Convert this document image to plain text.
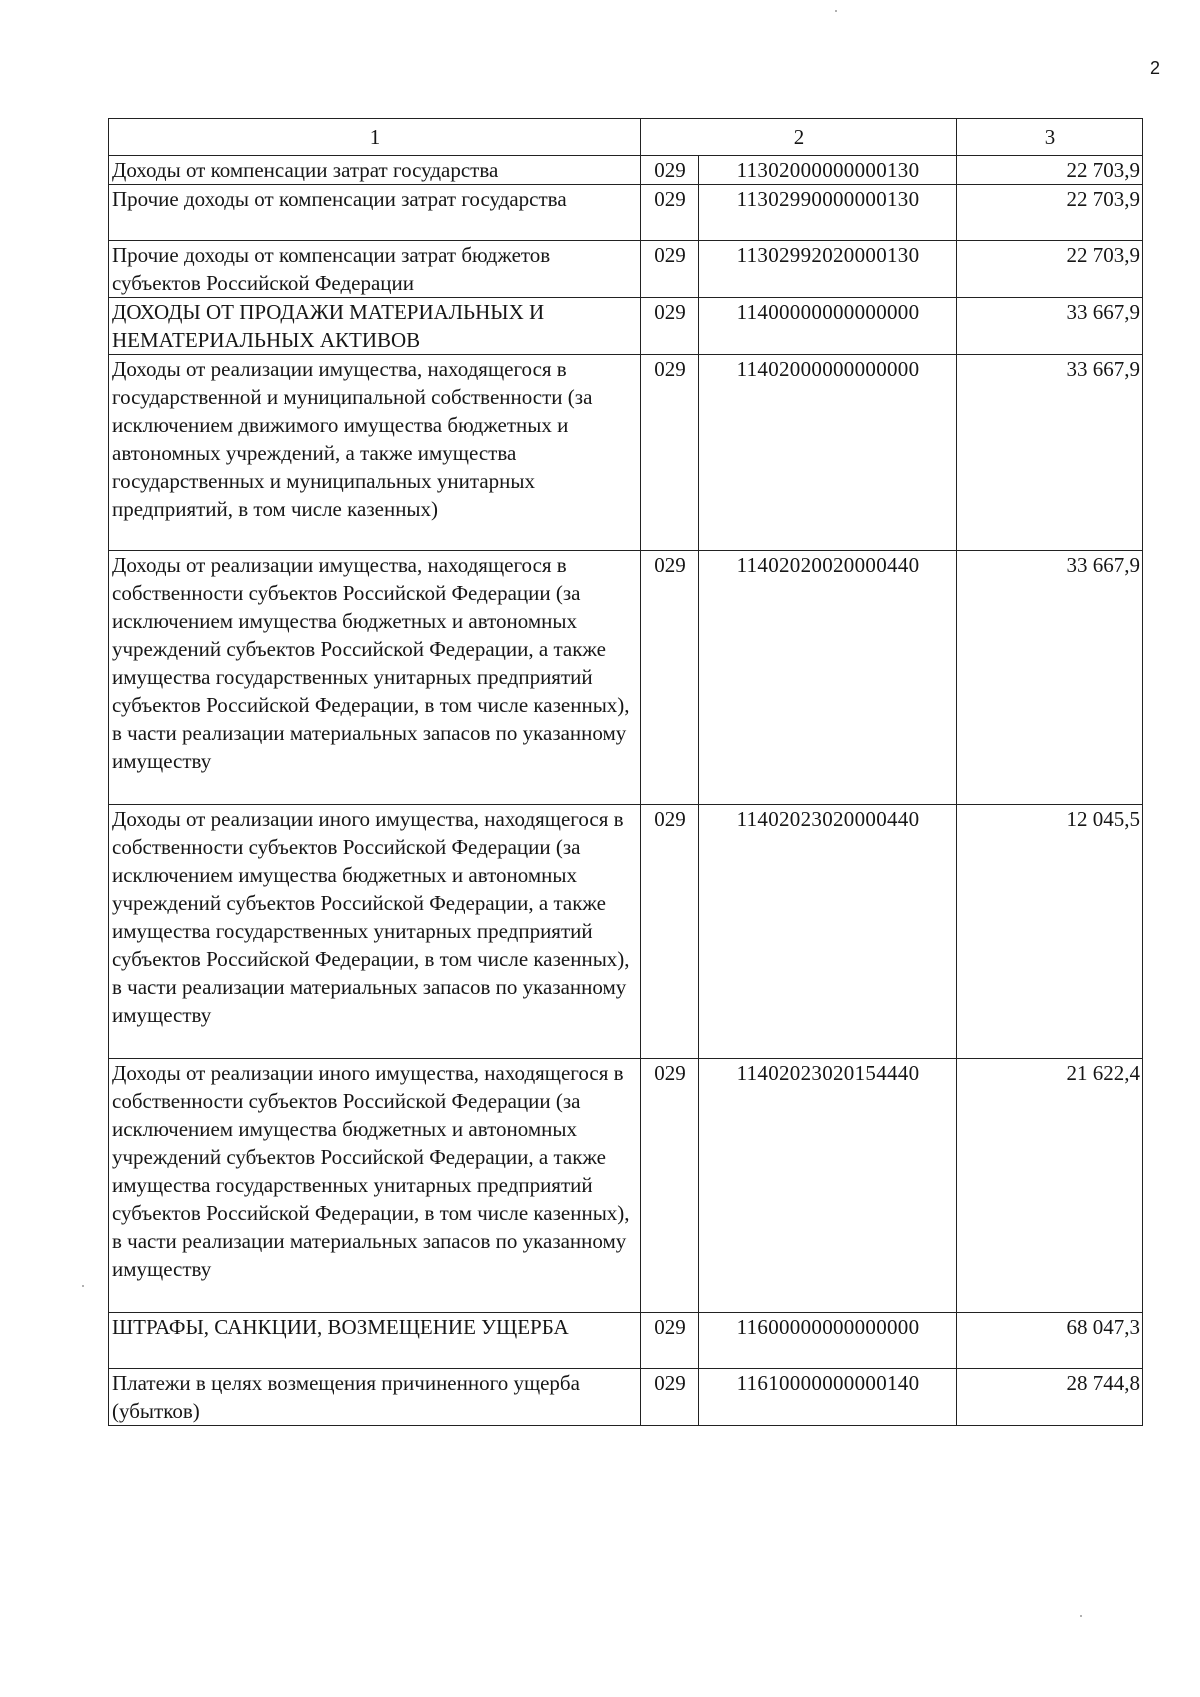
2
1	2		3
Доходы от компенсации затрат государства	029	11302000000000130	22 703,9
Прочие доходы от компенсации затрат государства	029	11302990000000130	22 703,9
Прочие доходы от компенсации затрат бюджетов субъектов Российской Федерации	029	11302992020000130	22 703,9
ДОХОДЫ ОТ ПРОДАЖИ МАТЕРИАЛЬНЫХ И НЕМАТЕРИАЛЬНЫХ АКТИВОВ	029	11400000000000000	33 667,9
Доходы от реализации имущества, находящегося в государственной и муниципальной собственности (за исключением движимого имущества бюджетных и автономных учреждений, а также имущества государственных и муниципальных унитарных предприятий, в том числе казенных)	029	11402000000000000	33 667,9
Доходы от реализации имущества, находящегося в собственности субъектов Российской Федерации (за исключением имущества бюджетных и автономных учреждений субъектов Российской Федерации, а также имущества государственных унитарных предприятий субъектов Российской Федерации, в том числе казенных), в части реализации материальных запасов по указанному имуществу	029	11402020020000440	33 667,9
Доходы от реализации иного имущества, находящегося в собственности субъектов Российской Федерации (за исключением имущества бюджетных и автономных учреждений субъектов Российской Федерации, а также имущества государственных унитарных предприятий субъектов Российской Федерации, в том числе казенных), в части реализации материальных запасов по указанному имуществу	029	11402023020000440	12 045,5
Доходы от реализации иного имущества, находящегося в собственности субъектов Российской Федерации (за исключением имущества бюджетных и автономных учреждений субъектов Российской Федерации, а также имущества государственных унитарных предприятий субъектов Российской Федерации, в том числе казенных), в части реализации материальных запасов по указанному имуществу	029	11402023020154440	21 622,4
ШТРАФЫ, САНКЦИИ, ВОЗМЕЩЕНИЕ УЩЕРБА	029	11600000000000000	68 047,3
Платежи в целях возмещения причиненного ущерба (убытков)	029	11610000000000140	28 744,8
